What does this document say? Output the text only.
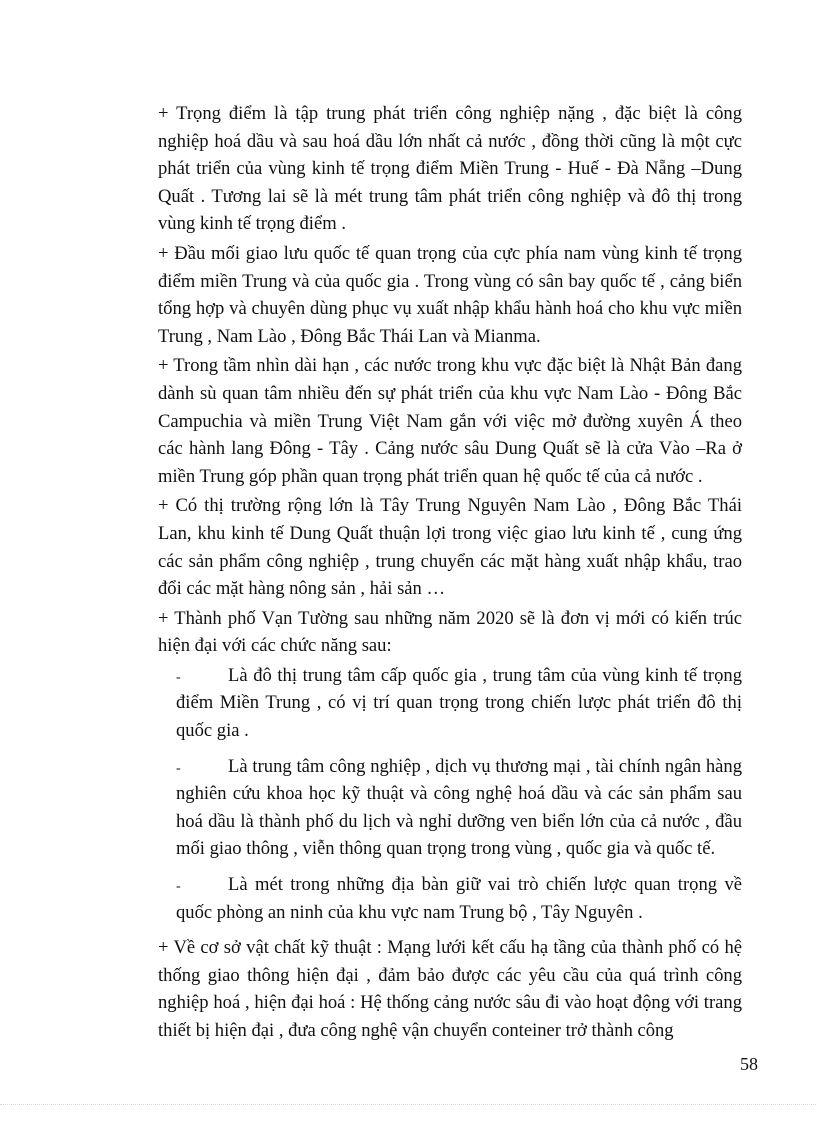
+ Trọng điểm là tập trung phát triển công nghiệp nặng , đặc biệt là công nghiệp hoá dầu và sau hoá dầu lớn nhất cả nước , đồng thời cũng là một cực phát triển của vùng kinh tế trọng điểm Miền Trung - Huế - Đà Nẵng –Dung Quất . Tương lai sẽ là mét trung tâm phát triển công nghiệp và đô thị trong vùng kinh tế trọng điểm .

+ Đầu mối giao lưu quốc tế quan trọng của cực phía nam vùng kinh tế trọng điểm miền Trung và của quốc gia . Trong vùng có sân bay quốc tế , cảng biển tổng hợp và chuyên dùng phục vụ xuất nhập khẩu hành hoá cho khu vực miền Trung , Nam Lào , Đông Bắc Thái Lan và Mianma.

+ Trong tầm nhìn dài hạn , các nước trong khu vực đặc biệt là Nhật Bản đang dành sù quan tâm nhiều đến sự phát triển của khu vực Nam Lào - Đông Bắc Campuchia và miền Trung Việt Nam gắn với việc mở đường xuyên Á theo các hành lang Đông - Tây . Cảng nước sâu Dung Quất sẽ là cửa Vào –Ra ở miền Trung góp phần quan trọng phát triển quan hệ quốc tế của cả nước .

+ Có thị trường rộng lớn là Tây Trung Nguyên Nam Lào , Đông Bắc Thái Lan, khu kinh tế Dung Quất thuận lợi trong việc giao lưu kinh tế , cung ứng các sản phẩm công nghiệp , trung chuyển các mặt hàng xuất nhập khẩu, trao đổi các mặt hàng nông sản , hải sản …

+ Thành phố Vạn Tường sau những năm 2020 sẽ là đơn vị mới có kiến trúc hiện đại với các chức năng sau:

-	Là đô thị trung tâm cấp quốc gia , trung tâm của vùng kinh tế trọng điểm Miền Trung , có vị trí quan trọng trong chiến lược phát triển đô thị quốc gia .
-	Là trung tâm công nghiệp , dịch vụ thương mại , tài chính ngân hàng nghiên cứu khoa học kỹ thuật và công nghệ hoá dầu và các sản phẩm sau hoá dầu là thành phố du lịch và nghỉ dưỡng ven biển lớn của cả nước , đầu mối giao thông , viễn thông quan trọng trong vùng , quốc gia và quốc tế.
-	Là mét trong những địa bàn giữ vai trò chiến lược quan trọng về quốc phòng an ninh của khu vực nam Trung bộ , Tây Nguyên .

+ Về cơ sở vật chất kỹ thuật : Mạng lưới kết cấu hạ tầng của thành phố có hệ thống giao thông hiện đại , đảm bảo được các yêu cầu của quá trình công nghiệp hoá , hiện đại hoá : Hệ thống cảng nước sâu đi vào hoạt động với trang thiết bị hiện đại , đưa công nghệ vận chuyển conteiner trở thành công

58
